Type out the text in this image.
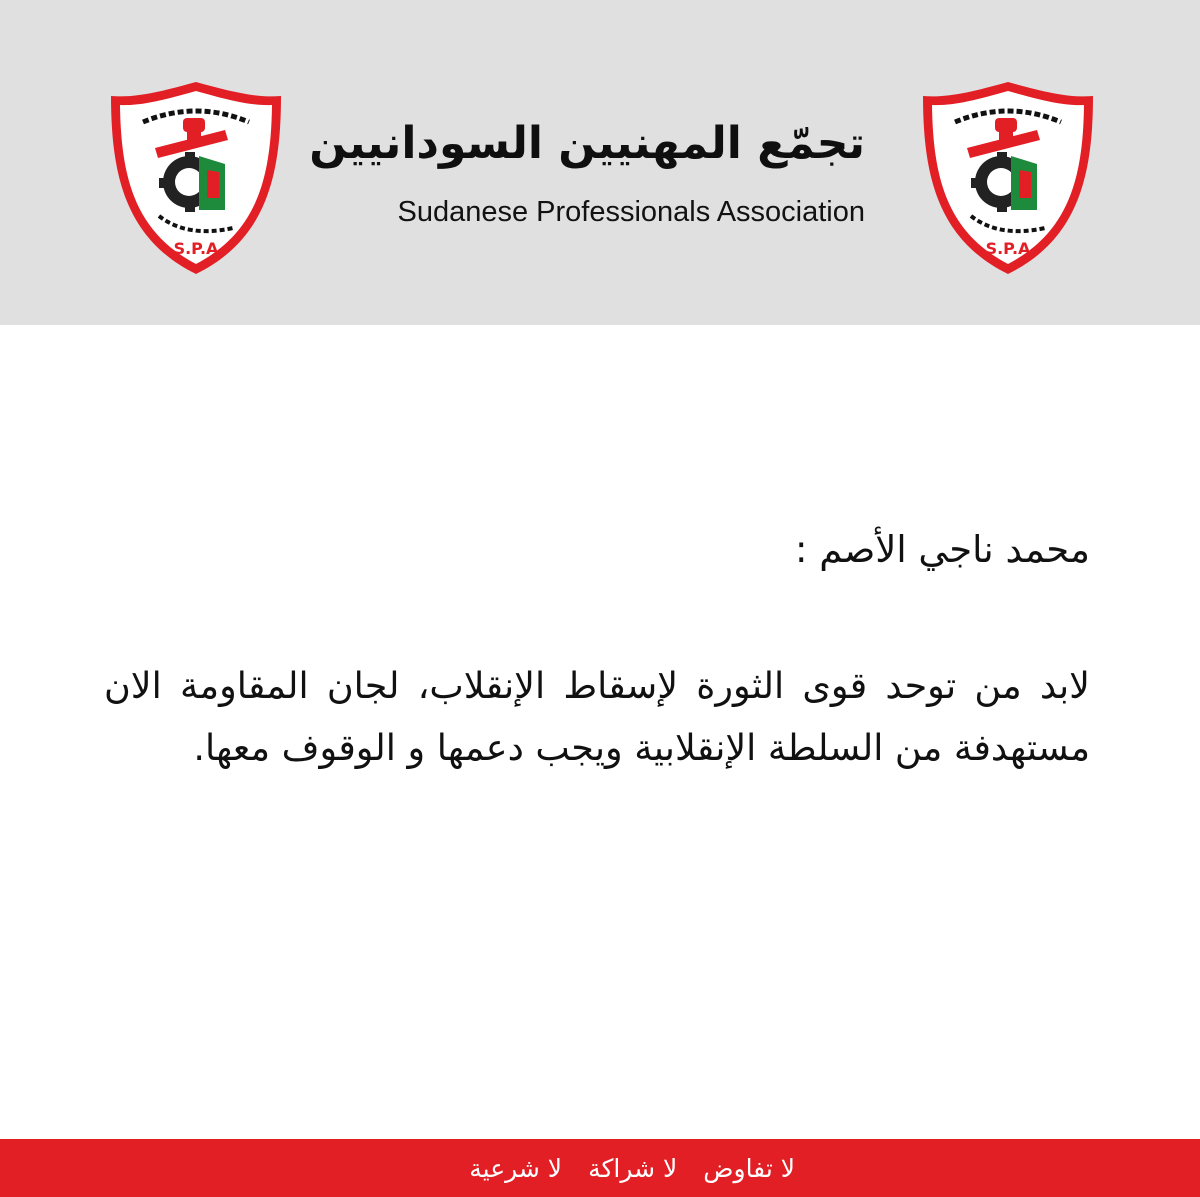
تجمّع المهنيين السودانيين
Sudanese Professionals Association
محمد ناجي الأصم :
لابد من توحد قوى الثورة لإسقاط الإنقلاب، لجان المقاومة الان مستهدفة من السلطة الإنقلابية ويجب دعمها و الوقوف معها.
لا تفاوض
لا شراكة
لا شرعية
